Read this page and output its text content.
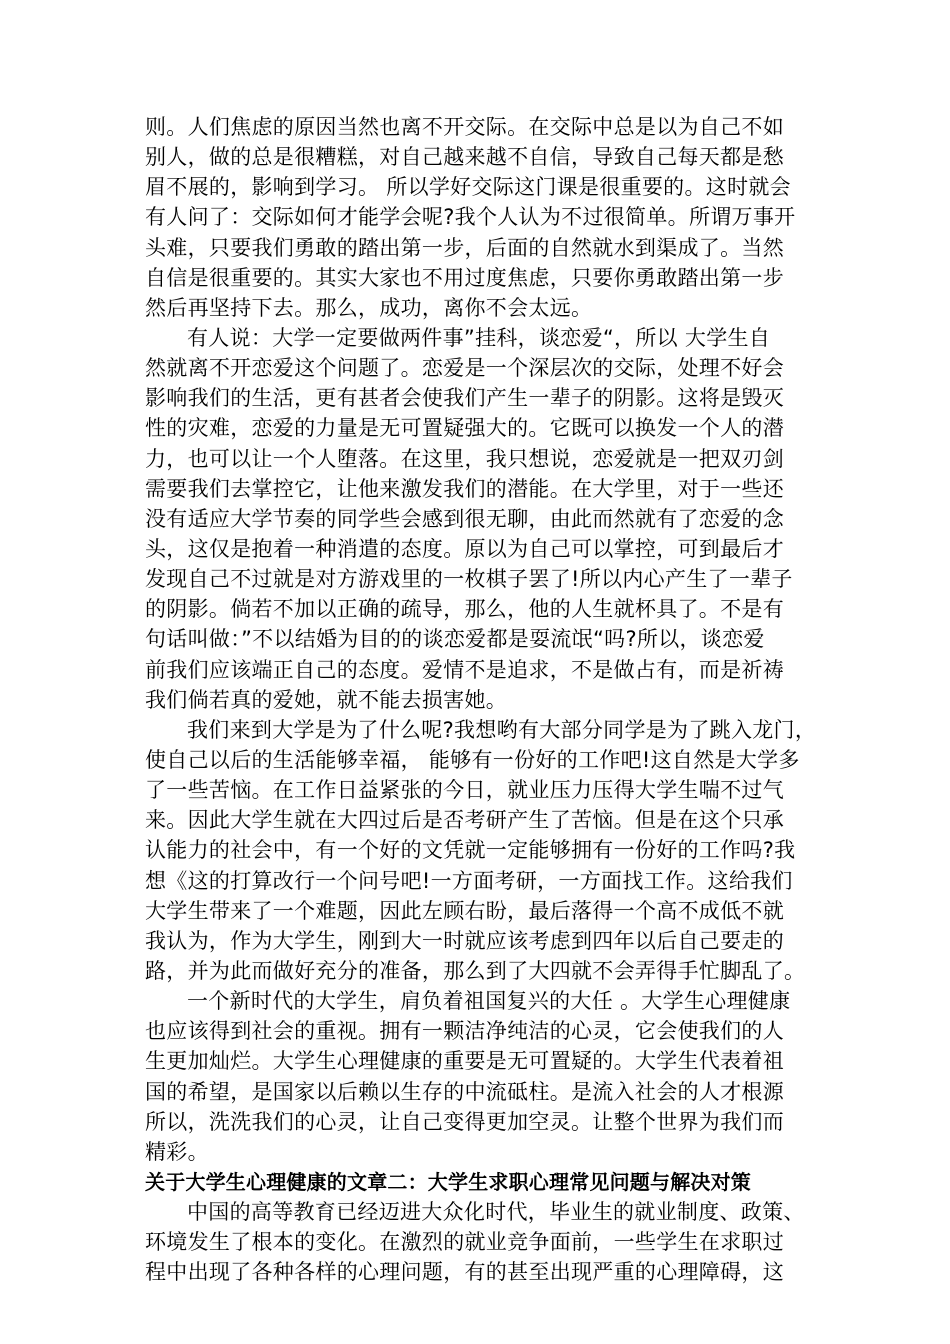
则。人们焦虑的原因当然也离不开交际。在交际中总是以为自己不如
别人，做的总是很糟糕，对自己越来越不自信，导致自己每天都是愁
眉不展的，影响到学习。 所以学好交际这门课是很重要的。这时就会
有人问了：交际如何才能学会呢?我个人认为不过很简单。所谓万事开
头难，只要我们勇敢的踏出第一步，后面的自然就水到渠成了。当然
自信是很重要的。其实大家也不用过度焦虑，只要你勇敢踏出第一步
然后再坚持下去。那么，成功，离你不会太远。
有人说：大学一定要做两件事”挂科，谈恋爱“，所以 大学生自
然就离不开恋爱这个问题了。恋爱是一个深层次的交际，处理不好会
影响我们的生活，更有甚者会使我们产生一辈子的阴影。这将是毁灭
性的灾难，恋爱的力量是无可置疑强大的。它既可以换发一个人的潜
力，也可以让一个人堕落。在这里，我只想说，恋爱就是一把双刃剑
需要我们去掌控它，让他来激发我们的潜能。在大学里，对于一些还
没有适应大学节奏的同学些会感到很无聊，由此而然就有了恋爱的念
头，这仅是抱着一种消遣的态度。原以为自己可以掌控，可到最后才
发现自己不过就是对方游戏里的一枚棋子罢了!所以内心产生了一辈子
的阴影。倘若不加以正确的疏导，那么，他的人生就杯具了。不是有
句话叫做：”不以结婚为目的的谈恋爱都是耍流氓“吗?所以，谈恋爱
前我们应该端正自己的态度。爱情不是追求，不是做占有，而是祈祷
我们倘若真的爱她，就不能去损害她。
我们来到大学是为了什么呢?我想哟有大部分同学是为了跳入龙门，
使自己以后的生活能够幸福， 能够有一份好的工作吧!这自然是大学多
了一些苦恼。在工作日益紧张的今日，就业压力压得大学生喘不过气
来。因此大学生就在大四过后是否考研产生了苦恼。但是在这个只承
认能力的社会中，有一个好的文凭就一定能够拥有一份好的工作吗?我
想《这的打算改行一个问号吧!一方面考研，一方面找工作。这给我们
大学生带来了一个难题，因此左顾右盼，最后落得一个高不成低不就
我认为，作为大学生，刚到大一时就应该考虑到四年以后自己要走的
路，并为此而做好充分的准备，那么到了大四就不会弄得手忙脚乱了。
一个新时代的大学生，肩负着祖国复兴的大任 。大学生心理健康
也应该得到社会的重视。拥有一颗洁净纯洁的心灵，它会使我们的人
生更加灿烂。大学生心理健康的重要是无可置疑的。大学生代表着祖
国的希望，是国家以后赖以生存的中流砥柱。是流入社会的人才根源
所以，洗洗我们的心灵，让自己变得更加空灵。让整个世界为我们而
精彩。
关于大学生心理健康的文章二：大学生求职心理常见问题与解决对策
中国的高等教育已经迈进大众化时代，毕业生的就业制度、政策、
环境发生了根本的变化。在激烈的就业竞争面前，一些学生在求职过
程中出现了各种各样的心理问题，有的甚至出现严重的心理障碍，这
